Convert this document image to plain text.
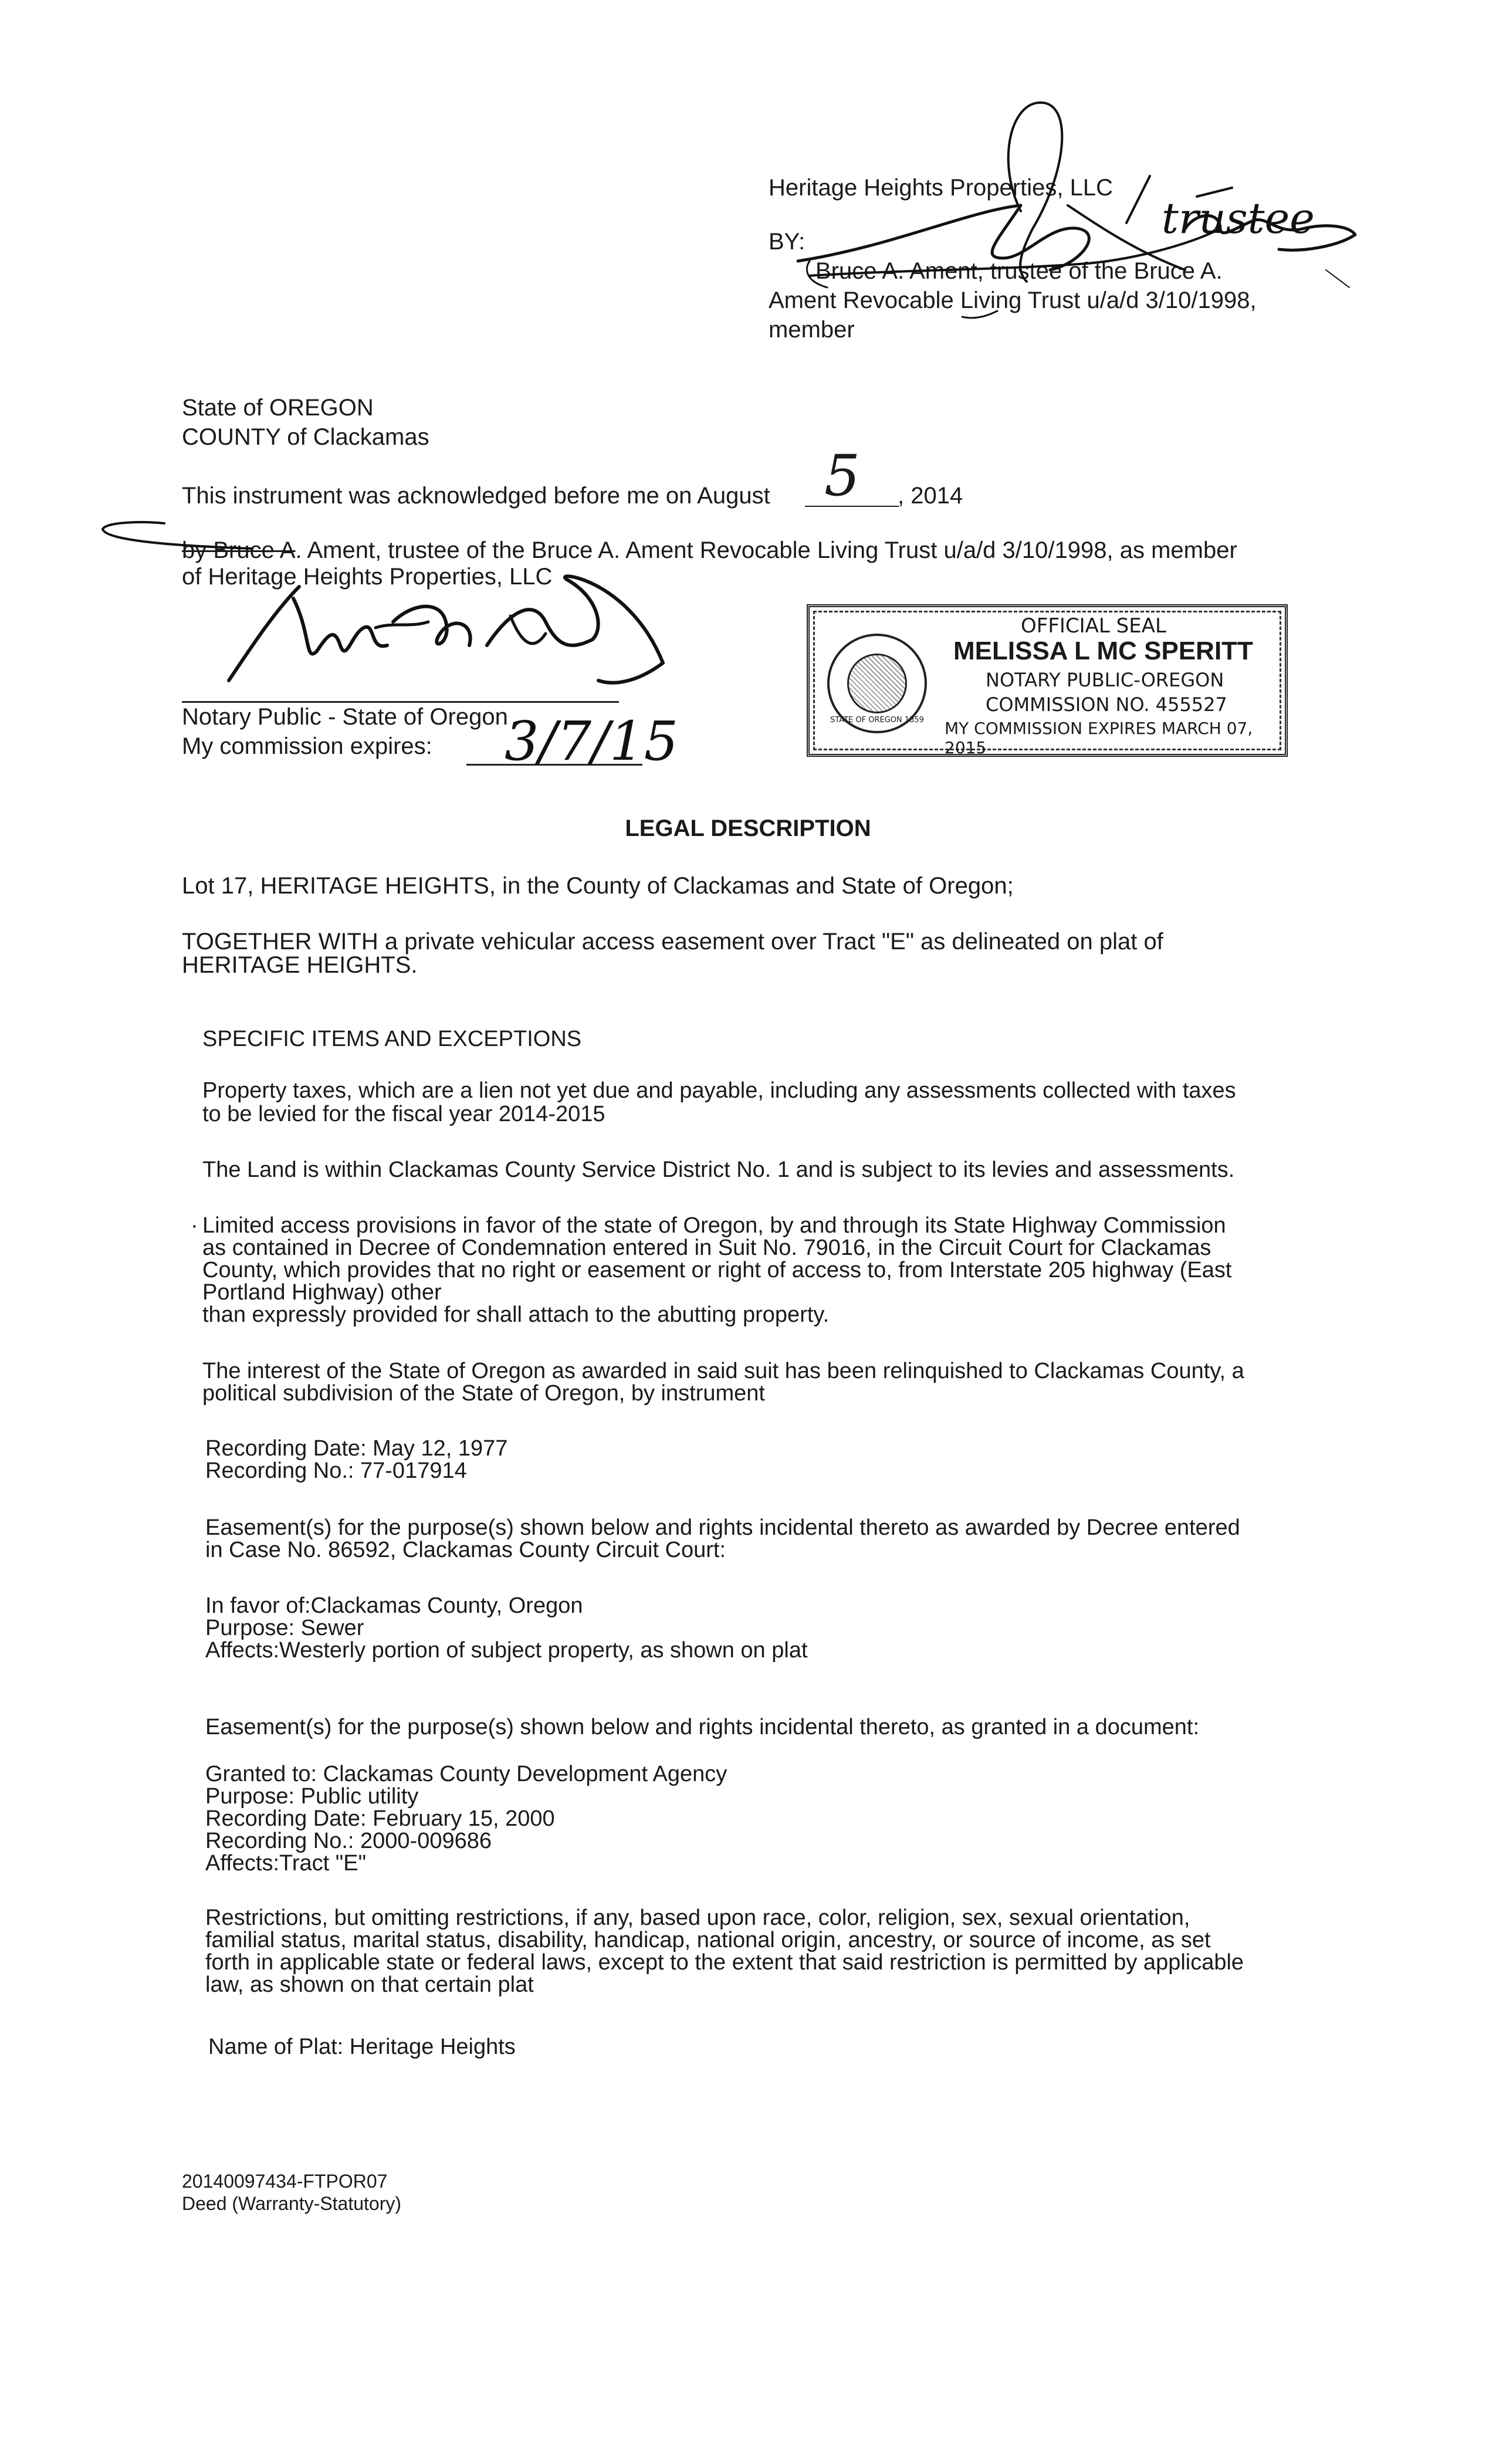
Heritage Heights Properties, LLC
BY:
Bruce A. Ament, trustee of the Bruce A.
Ament Revocable Living Trust u/a/d 3/10/1998,
member
trustee
State of OREGON
COUNTY of Clackamas
This instrument was acknowledged before me on August 5 , 2014
by Bruce A. Ament, trustee of the Bruce A. Ament Revocable Living Trust u/a/d 3/10/1998, as member
of Heritage Heights Properties, LLC
Notary Public - State of Oregon
My commission expires: 3/7/15	STATE OF OREGON 1859
OFFICIAL SEAL
MELISSA L MC SPERITT
NOTARY PUBLIC-OREGON
COMMISSION NO. 455527
MY COMMISSION EXPIRES MARCH 07, 2015
LEGAL DESCRIPTION
Lot 17, HERITAGE HEIGHTS, in the County of Clackamas and State of Oregon;
TOGETHER WITH a private vehicular access easement over Tract "E" as delineated on plat of
HERITAGE HEIGHTS.
SPECIFIC ITEMS AND EXCEPTIONS
Property taxes, which are a lien not yet due and payable, including any assessments collected with taxes
to be levied for the fiscal year 2014-2015
The Land is within Clackamas County Service District No. 1 and is subject to its levies and assessments.
· Limited access provisions in favor of the state of Oregon, by and through its State Highway Commission
as contained in Decree of Condemnation entered in Suit No. 79016, in the Circuit Court for Clackamas
County, which provides that no right or easement or right of access to, from Interstate 205 highway (East
Portland Highway) other
than expressly provided for shall attach to the abutting property.
The interest of the State of Oregon as awarded in said suit has been relinquished to Clackamas County, a
political subdivision of the State of Oregon, by instrument
Recording Date: May 12, 1977
Recording No.: 77-017914
Easement(s) for the purpose(s) shown below and rights incidental thereto as awarded by Decree entered
in Case No. 86592, Clackamas County Circuit Court:
In favor of:Clackamas County, Oregon
Purpose: Sewer
Affects:Westerly portion of subject property, as shown on plat
Easement(s) for the purpose(s) shown below and rights incidental thereto, as granted in a document:
Granted to: Clackamas County Development Agency
Purpose: Public utility
Recording Date: February 15, 2000
Recording No.: 2000-009686
Affects:Tract "E"
Restrictions, but omitting restrictions, if any, based upon race, color, religion, sex, sexual orientation,
familial status, marital status, disability, handicap, national origin, ancestry, or source of income, as set
forth in applicable state or federal laws, except to the extent that said restriction is permitted by applicable
law, as shown on that certain plat
Name of Plat: Heritage Heights
20140097434-FTPOR07
Deed (Warranty-Statutory)
